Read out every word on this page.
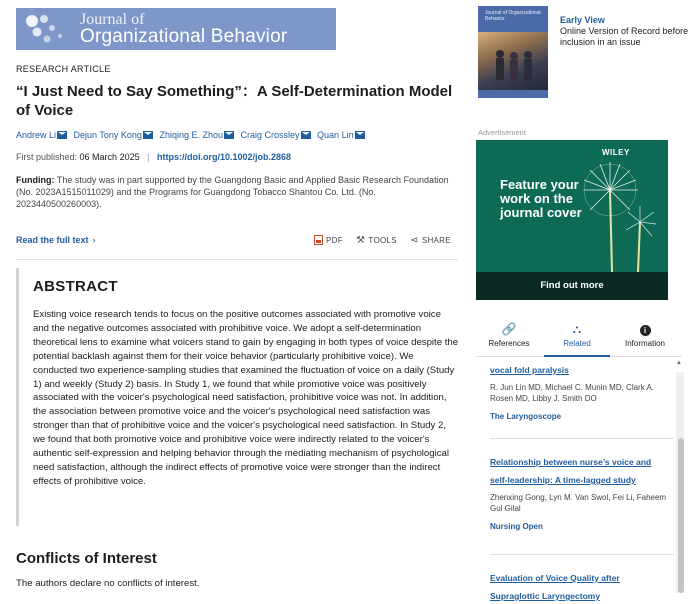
Journal of
Organizational Behavior
RESEARCH ARTICLE
“I Just Need to Say Something”：A Self-Determination Model of Voice
Andrew Li Dejun Tony Kong Zhiqing E. Zhou Craig Crossley Quan Lin
First published: 06 March 2025 | https://doi.org/10.1002/job.2868
Funding: The study was in part supported by the Guangdong Basic and Applied Basic Research Foundation (No. 2023A1515011029) and the Programs for Guangdong Tobacco Shantou Co. Ltd. (No. 2023440500260003).
Read the full text ›	PDF ⚒ TOOLS ⋖ SHARE
ABSTRACT

Existing voice research tends to focus on the positive outcomes associated with promotive voice and the negative outcomes associated with prohibitive voice. We adopt a self-determination theoretical lens to examine what voicers stand to gain by engaging in both types of voice despite the potential backlash against them for their voice behavior (particularly prohibitive voice). We conducted two experience-sampling studies that examined the fluctuation of voice on a daily (Study 1) and weekly (Study 2) basis. In Study 1, we found that while promotive voice was positively associated with the voicer's psychological need satisfaction, prohibitive voice was not. In addition, the association between promotive voice and the voicer's psychological need satisfaction was stronger than that of prohibitive voice and the voicer's psychological need satisfaction. In Study 2, we found that both promotive voice and prohibitive voice were indirectly related to the voicer's authentic self-expression and helping behavior through the mediating mechanism of psychological need satisfaction, although the indirect effects of promotive voice were stronger than the indirect effects of prohibitive voice.

Conflicts of Interest

The authors declare no conflicts of interest.

Journal of Organizational Behavior	Early View
Online Version of Record before inclusion in an issue
Advertisement
WILEY
Feature your work on the journal cover
Find out more
🔗
References
⛬
Related
i
Information
vocal fold paralysis
R. Jun Lin MD, Michael C. Munin MD, Clark A. Rosen MD, Libby J. Smith DO
The Laryngoscope
Relationship between nurse’s voice and self-leadership: A time-lagged study
Zhenxing Gong, Lyn M. Van Swol, Fei Li, Faheem Gul Gilal
Nursing Open
Evaluation of Voice Quality after Supraglottic Laryngectomy
▲
